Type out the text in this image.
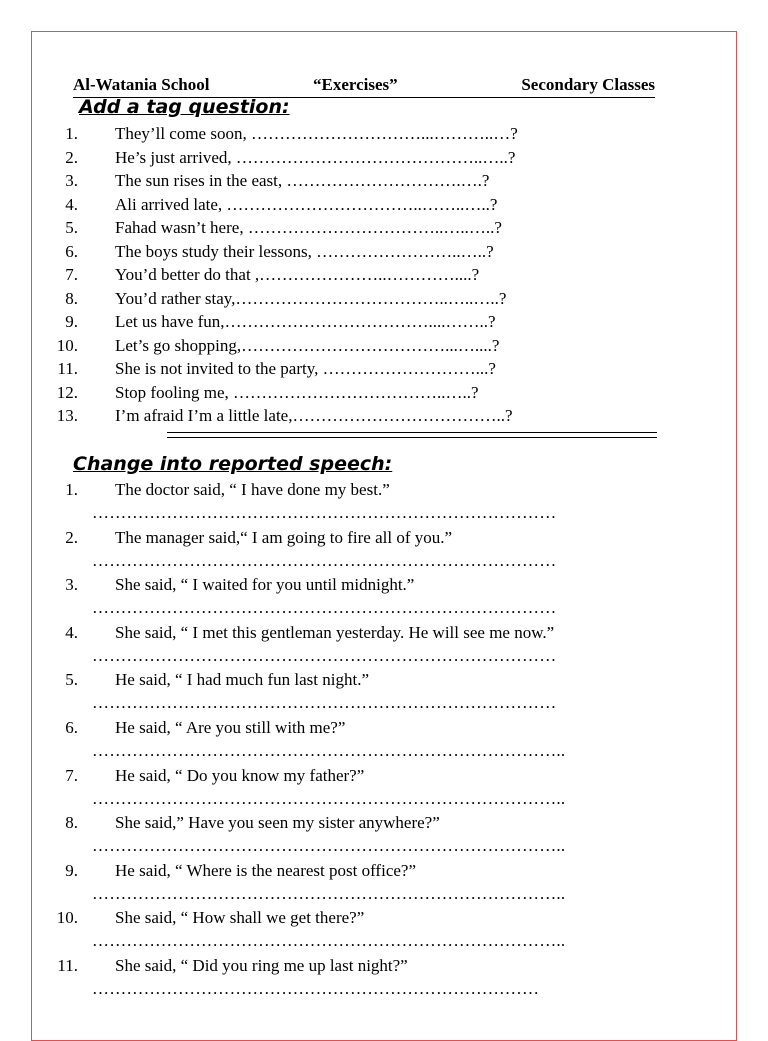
Al-Watania School	“Exercises”	Secondary Classes
Add a tag question:
1. They’ll come soon, …………………………...………..…?
2. He’s just arrived, ……………………………………..…..?
3. The sun rises in the east, ………………………….….?
4. Ali arrived late, ……………………………..……..…..?
5. Fahad wasn’t here, ……………………………..…..…..?
6. The boys study their lessons, ……………………..…..?
7. You’d better do that ,…………………..…………....?
8. You’d rather stay,………………………………..…..…..?
9. Let us have fun,………………………………....……..?
10. Let’s go shopping,………………………………...…....?
11. She is not invited to the party, ………………………...?
12. Stop fooling me, ………………………………..…..?
13. I’m afraid I’m a little late,………………………………..?
Change into reported speech:
1. The doctor said, “ I have done my best.”
………………………………………………………………………
2. The manager said,“ I am going to fire all of you.”
………………………………………………………………………
3. She said, “ I waited for you until midnight.”
………………………………………………………………………
4. She said, “ I met this gentleman yesterday. He will see me now.”
………………………………………………………………………
5. He said, “ I had much fun last night.”
………………………………………………………………………
6. He said, “ Are you still with me?”
………………………………………………………………………..
7. He said, “ Do you know my father?”
………………………………………………………………………..
8. She said,” Have you seen my sister anywhere?”
………………………………………………………………………..
9. He said, “ Where is the nearest post office?”
………………………………………………………………………..
10. She said, “ How shall we get there?”
………………………………………………………………………..
11. She said, “ Did you ring me up last night?”
……………………………………………………………………
